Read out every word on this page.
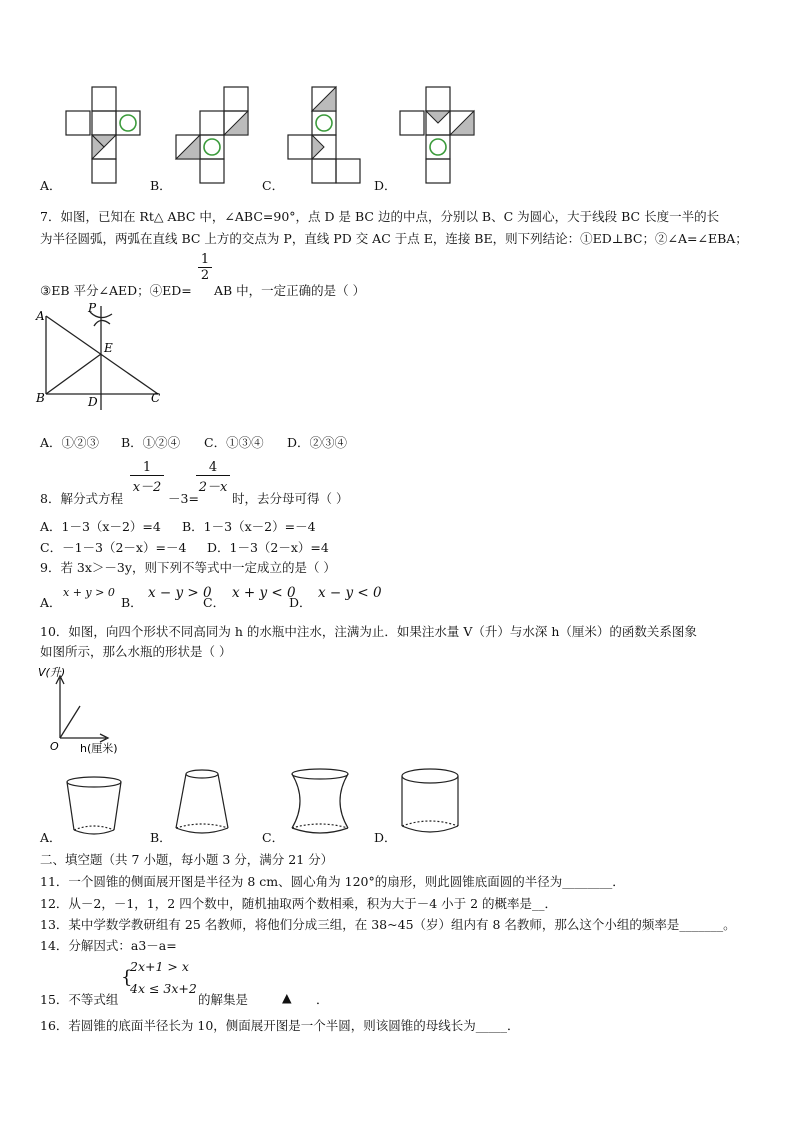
A．	B．	C．	D．
7．如图，已知在 Rt△ ABC 中，∠ABC=90°，点 D 是 BC 边的中点，分别以 B、C 为圆心，大于线段 BC 长度一半的长
为半径圆弧，两弧在直线 BC 上方的交点为 P，直线 PD 交 AC 于点 E，连接 BE，则下列结论：①ED⊥BC；②∠A=∠EBA；
③EB 平分∠AED；④ED=
$\frac{1}{2}$
AB 中，一定正确的是（ ）
A
P
E
B	D	C
A．①②③ B．①②④ C．①③④ D．②③④
8．解分式方程
$\frac{1}{x-2}$
－3=
$\frac{4}{2-x}$
时，去分母可得（ ）
A．1－3（x－2）=4 B．1－3（x－2）=－4
C．－1－3（2－x）=－4 D．1－3（2－x）=4
9．若 3x＞－3y，则下列不等式中一定成立的是（ ）
A．
x + y > 0
B．
x − y > 0
C．
x + y < 0
D．
x − y < 0
10．如图，向四个形状不同高同为 h 的水瓶中注水，注满为止．如果注水量 V（升）与水深 h（厘米）的函数关系图象
如图所示，那么水瓶的形状是（ ）
V(升)
O h(厘米)
A．	B．	C．	D．
二、填空题（共 7 小题，每小题 3 分，满分 21 分）
11．一个圆锥的侧面展开图是半径为 8 cm、圆心角为 120°的扇形，则此圆锥底面圆的半径为________．
12．从－2，－1，1，2 四个数中，随机抽取两个数相乘，积为大于－4 小于 2 的概率是__．
13．某中学数学教研组有 25 名教师，将他们分成三组，在 38~45（岁）组内有 8 名教师，那么这个小组的频率是_______。
14．分解因式：a3－a=
15．不等式组
{
2x+1 > x
4x ≤ 3x+2
的解集是	▲ ．
16．若圆锥的底面半径长为 10，侧面展开图是一个半圆，则该圆锥的母线长为_____．
